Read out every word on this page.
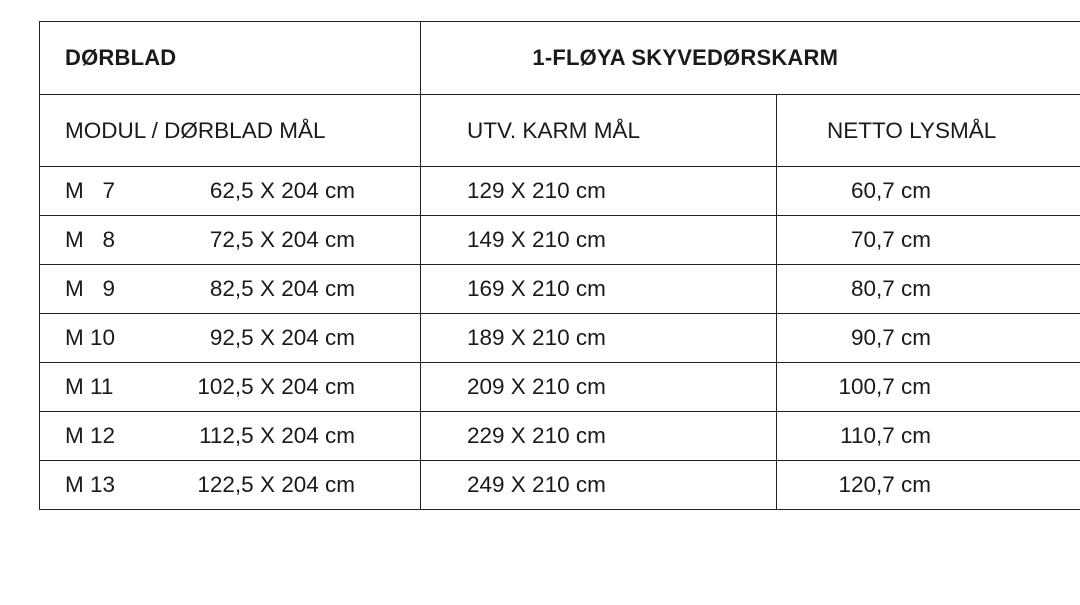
DØRBLAD	1-FLØYA SKYVEDØRSKARM	
MODUL / DØRBLAD MÅL	UTV. KARM MÅL	NETTO LYSMÅL
M   7 62,5 X 204 cm	129 X 210 cm	60,7 cm
M   8 72,5 X 204 cm	149 X 210 cm	70,7 cm
M   9 82,5 X 204 cm	169 X 210 cm	80,7 cm
M 10 92,5 X 204 cm	189 X 210 cm	90,7 cm
M 11 102,5 X 204 cm	209 X 210 cm	100,7 cm
M 12 112,5 X 204 cm	229 X 210 cm	110,7 cm
M 13 122,5 X 204 cm	249 X 210 cm	120,7 cm
